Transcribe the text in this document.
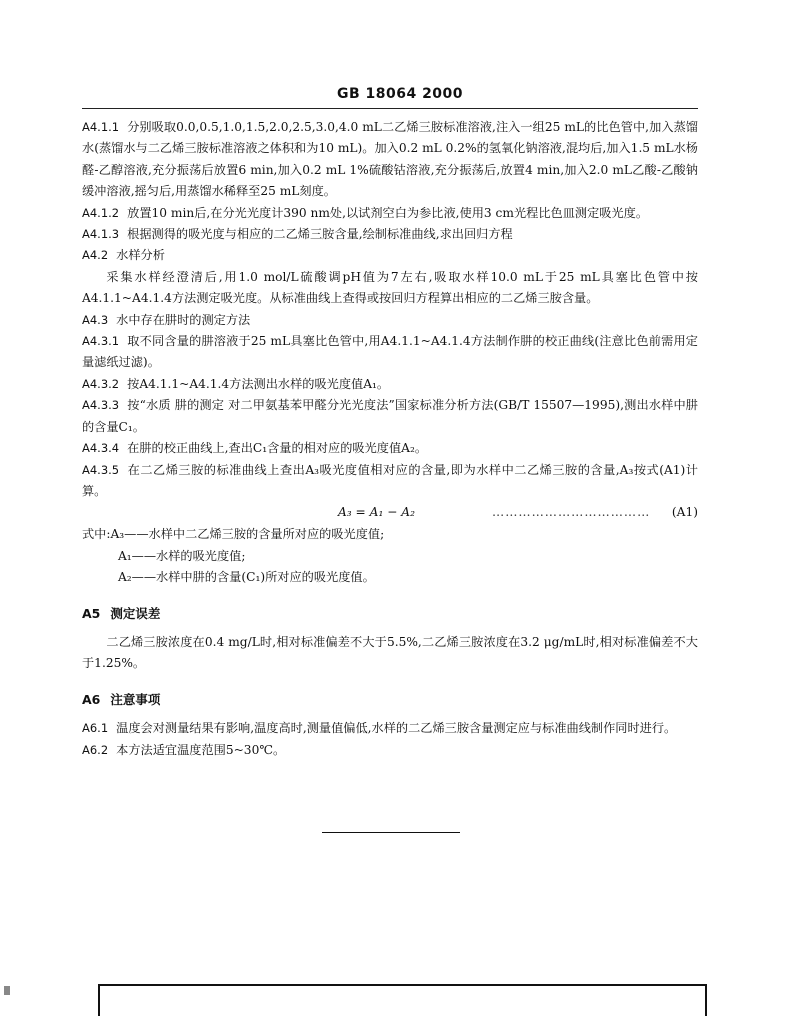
GB 18064 2000

A4.1.1 分别吸取0.0,0.5,1.0,1.5,2.0,2.5,3.0,4.0 mL二乙烯三胺标准溶液,注入一组25 mL的比色管中,加入蒸馏水(蒸馏水与二乙烯三胺标准溶液之体积和为10 mL)。加入0.2 mL 0.2%的氢氧化钠溶液,混均后,加入1.5 mL水杨醛-乙醇溶液,充分振荡后放置6 min,加入0.2 mL 1%硫酸钴溶液,充分振荡后,放置4 min,加入2.0 mL乙酸-乙酸钠缓冲溶液,摇匀后,用蒸馏水稀释至25 mL刻度。

A4.1.2 放置10 min后,在分光光度计390 nm处,以试剂空白为参比液,使用3 cm光程比色皿测定吸光度。

A4.1.3 根据测得的吸光度与相应的二乙烯三胺含量,绘制标准曲线,求出回归方程

A4.2 水样分析

采集水样经澄清后,用1.0 mol/L硫酸调pH值为7左右,吸取水样10.0 mL于25 mL具塞比色管中按A4.1.1~A4.1.4方法测定吸光度。从标准曲线上查得或按回归方程算出相应的二乙烯三胺含量。

A4.3 水中存在肼时的测定方法

A4.3.1 取不同含量的肼溶液于25 mL具塞比色管中,用A4.1.1~A4.1.4方法制作肼的校正曲线(注意比色前需用定量滤纸过滤)。

A4.3.2 按A4.1.1~A4.1.4方法测出水样的吸光度值A₁。

A4.3.3 按“水质 肼的测定 对二甲氨基苯甲醛分光光度法”国家标准分析方法(GB/T 15507—1995),测出水样中肼的含量C₁。

A4.3.4 在肼的校正曲线上,查出C₁含量的相对应的吸光度值A₂。

A4.3.5 在二乙烯三胺的标准曲线上查出A₃吸光度值相对应的含量,即为水样中二乙烯三胺的含量,A₃按式(A1)计算。

A₃ = A₁ − A₂	……………………………… (A1)

式中:A₃——水样中二乙烯三胺的含量所对应的吸光度值;

A₁——水样的吸光度值;

A₂——水样中肼的含量(C₁)所对应的吸光度值。

A5 测定误差

二乙烯三胺浓度在0.4 mg/L时,相对标准偏差不大于5.5%,二乙烯三胺浓度在3.2 μg/mL时,相对标准偏差不大于1.25%。

A6 注意事项

A6.1 温度会对测量结果有影响,温度高时,测量值偏低,水样的二乙烯三胺含量测定应与标准曲线制作同时进行。

A6.2 本方法适宜温度范围5~30℃。
